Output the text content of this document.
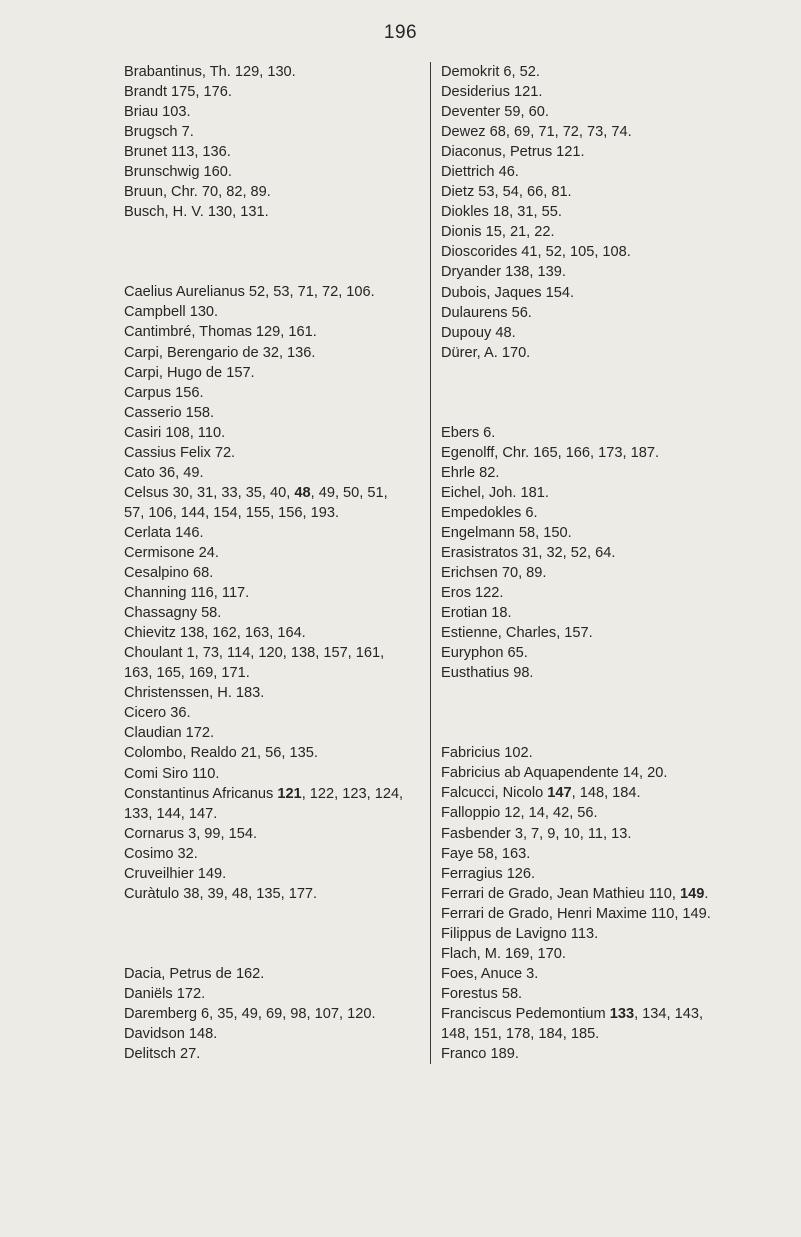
196
Brabantinus, Th. 129, 130.
Brandt 175, 176.
Briau 103.
Brugsch 7.
Brunet 113, 136.
Brunschwig 160.
Bruun, Chr. 70, 82, 89.
Busch, H. V. 130, 131.
Caelius Aurelianus 52, 53, 71, 72, 106.
Campbell 130.
Cantimbré, Thomas 129, 161.
Carpi, Berengario de 32, 136.
Carpi, Hugo de 157.
Carpus 156.
Casserio 158.
Casiri 108, 110.
Cassius Felix 72.
Cato 36, 49.
Celsus 30, 31, 33, 35, 40, 48, 49, 50, 51,
57, 106, 144, 154, 155, 156, 193.
Cerlata 146.
Cermisone 24.
Cesalpino 68.
Channing 116, 117.
Chassagny 58.
Chievitz 138, 162, 163, 164.
Choulant 1, 73, 114, 120, 138, 157, 161,
163, 165, 169, 171.
Christenssen, H. 183.
Cicero 36.
Claudian 172.
Colombo, Realdo 21, 56, 135.
Comi Siro 110.
Constantinus Africanus 121, 122, 123, 124,
133, 144, 147.
Cornarus 3, 99, 154.
Cosimo 32.
Cruveilhier 149.
Curàtulo 38, 39, 48, 135, 177.
Dacia, Petrus de 162.
Daniëls 172.
Daremberg 6, 35, 49, 69, 98, 107, 120.
Davidson 148.
Delitsch 27.
Demokrit 6, 52.
Desiderius 121.
Deventer 59, 60.
Dewez 68, 69, 71, 72, 73, 74.
Diaconus, Petrus 121.
Diettrich 46.
Dietz 53, 54, 66, 81.
Diokles 18, 31, 55.
Dionis 15, 21, 22.
Dioscorides 41, 52, 105, 108.
Dryander 138, 139.
Dubois, Jaques 154.
Dulaurens 56.
Dupouy 48.
Dürer, A. 170.
Ebers 6.
Egenolff, Chr. 165, 166, 173, 187.
Ehrle 82.
Eichel, Joh. 181.
Empedokles 6.
Engelmann 58, 150.
Erasistratos 31, 32, 52, 64.
Erichsen 70, 89.
Eros 122.
Erotian 18.
Estienne, Charles, 157.
Euryphon 65.
Eusthatius 98.
Fabricius 102.
Fabricius ab Aquapendente 14, 20.
Falcucci, Nicolo 147, 148, 184.
Falloppio 12, 14, 42, 56.
Fasbender 3, 7, 9, 10, 11, 13.
Faye 58, 163.
Ferragius 126.
Ferrari de Grado, Jean Mathieu 110, 149.
Ferrari de Grado, Henri Maxime 110, 149.
Filippus de Lavigno 113.
Flach, M. 169, 170.
Foes, Anuce 3.
Forestus 58.
Franciscus Pedemontium 133, 134, 143,
148, 151, 178, 184, 185.
Franco 189.
